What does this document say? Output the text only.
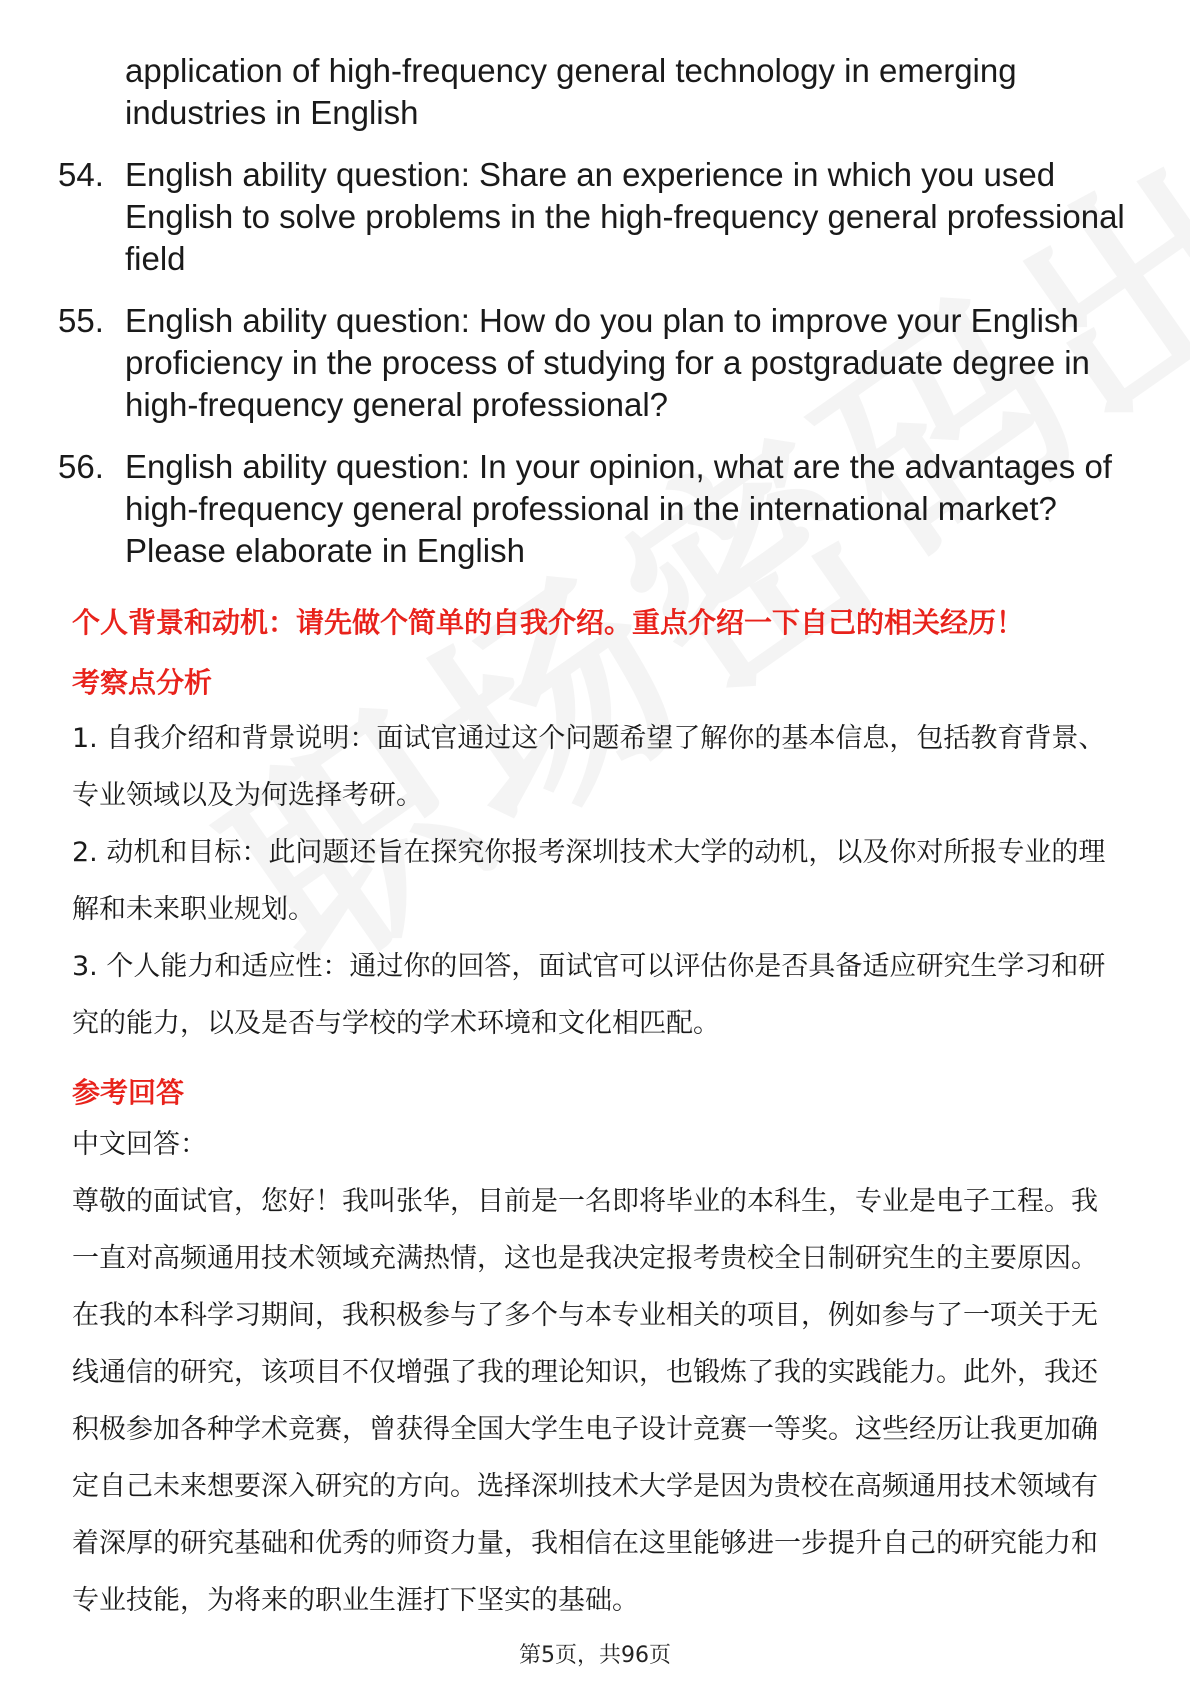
application of high-frequency general technology in emerging industries in English
54. English ability question: Share an experience in which you used English to solve problems in the high-frequency general professional field
55. English ability question: How do you plan to improve your English proficiency in the process of studying for a postgraduate degree in high-frequency general professional?
56. English ability question: In your opinion, what are the advantages of high-frequency general professional in the international market? Please elaborate in English
个人背景和动机：请先做个简单的自我介绍。重点介绍一下自己的相关经历！
考察点分析
1. 自我介绍和背景说明：面试官通过这个问题希望了解你的基本信息，包括教育背景、专业领域以及为何选择考研。
2. 动机和目标：此问题还旨在探究你报考深圳技术大学的动机，以及你对所报专业的理解和未来职业规划。
3. 个人能力和适应性：通过你的回答，面试官可以评估你是否具备适应研究生学习和研究的能力，以及是否与学校的学术环境和文化相匹配。
参考回答
中文回答：
尊敬的面试官，您好！我叫张华，目前是一名即将毕业的本科生，专业是电子工程。我一直对高频通用技术领域充满热情，这也是我决定报考贵校全日制研究生的主要原因。在我的本科学习期间，我积极参与了多个与本专业相关的项目，例如参与了一项关于无线通信的研究，该项目不仅增强了我的理论知识，也锻炼了我的实践能力。此外，我还积极参加各种学术竞赛，曾获得全国大学生电子设计竞赛一等奖。这些经历让我更加确定自己未来想要深入研究的方向。选择深圳技术大学是因为贵校在高频通用技术领域有着深厚的研究基础和优秀的师资力量，我相信在这里能够进一步提升自己的研究能力和专业技能，为将来的职业生涯打下坚实的基础。
第5页，共96页
